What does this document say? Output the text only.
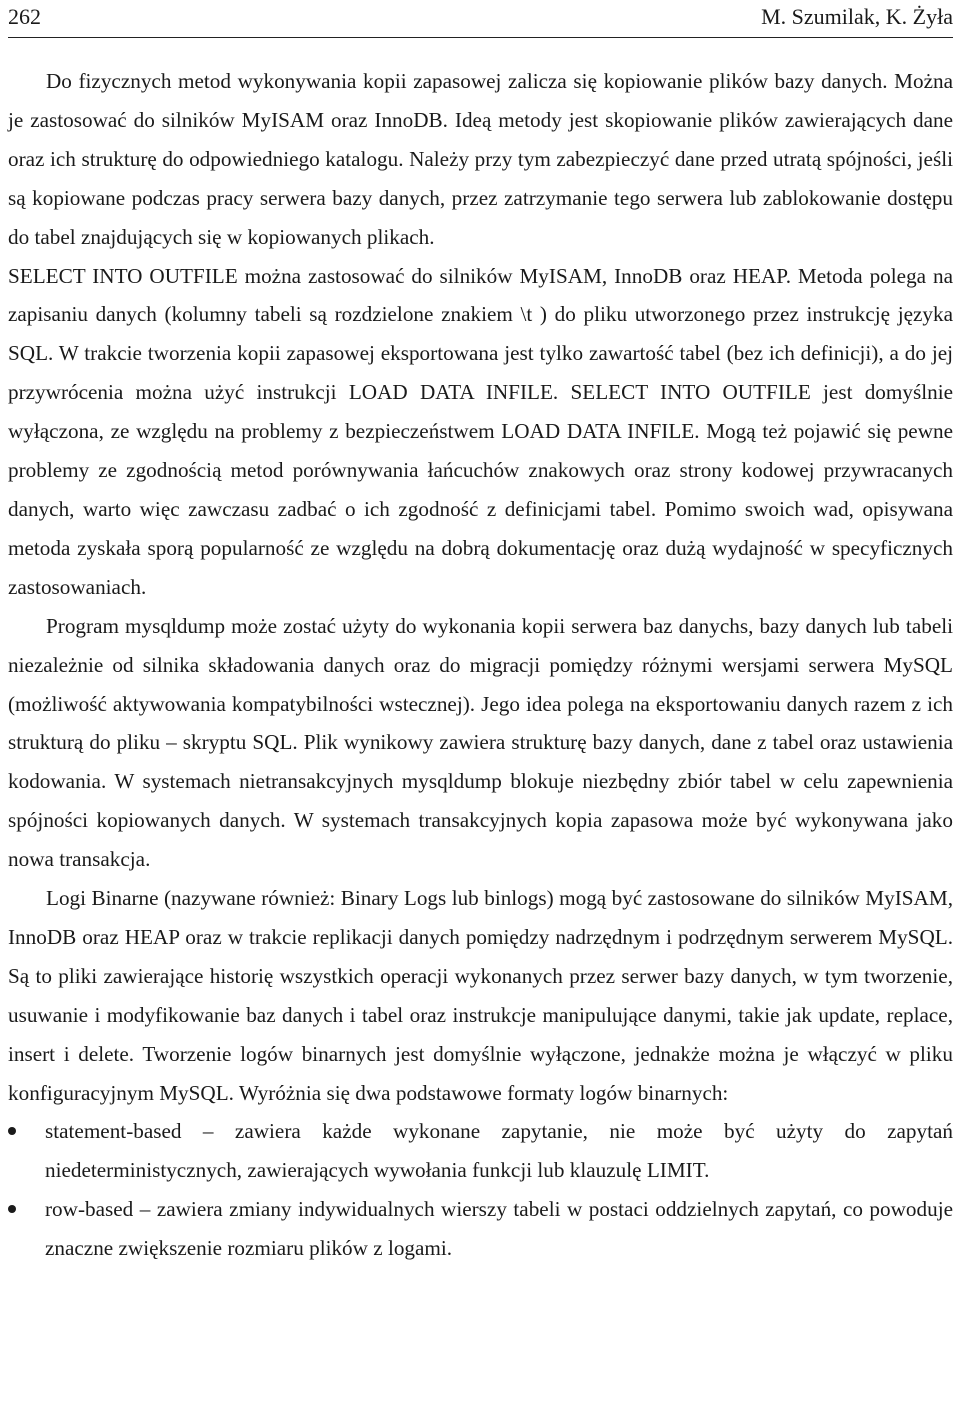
262	M. Szumilak, K. Żyła

Do fizycznych metod wykonywania kopii zapasowej zalicza się kopiowanie plików bazy danych. Można je zastosować do silników MyISAM oraz InnoDB. Ideą metody jest skopiowanie plików zawierających dane oraz ich strukturę do odpowiedniego katalogu. Należy przy tym zabezpieczyć dane przed utratą spójności, jeśli są kopiowane podczas pracy serwera bazy danych, przez zatrzymanie tego serwera lub zablokowanie dostępu do tabel znajdujących się w kopiowanych plikach.

SELECT INTO OUTFILE można zastosować do silników MyISAM, InnoDB oraz HEAP. Metoda polega na zapisaniu danych (kolumny tabeli są rozdzielone znakiem \t ) do pliku utworzonego przez instrukcję języka SQL. W trakcie tworzenia kopii zapasowej eksportowana jest tylko zawartość tabel (bez ich definicji), a do jej przywrócenia można użyć instrukcji LOAD DATA INFILE. SELECT INTO OUTFILE jest domyślnie wyłączona, ze względu na problemy z bezpieczeństwem LOAD DATA INFILE. Mogą też pojawić się pewne problemy ze zgodnością metod porównywania łańcuchów znakowych oraz strony kodowej przywracanych danych, warto więc zawczasu zadbać o ich zgodność z definicjami tabel. Pomimo swoich wad, opisywana metoda zyskała sporą popularność ze względu na dobrą dokumentację oraz dużą wydajność w specyficznych zastosowaniach.

Program mysqldump może zostać użyty do wykonania kopii serwera baz danychs, bazy danych lub tabeli niezależnie od silnika składowania danych oraz do migracji pomiędzy różnymi wersjami serwera MySQL (możliwość aktywowania kompatybilności wstecznej). Jego idea polega na eksportowaniu danych razem z ich strukturą do pliku – skryptu SQL. Plik wynikowy zawiera strukturę bazy danych, dane z tabel oraz ustawienia kodowania. W systemach nietransakcyjnych mysqldump blokuje niezbędny zbiór tabel w celu zapewnienia spójności kopiowanych danych. W systemach transakcyjnych kopia zapasowa może być wykonywana jako nowa transakcja.

Logi Binarne (nazywane również: Binary Logs lub binlogs) mogą być zastosowane do silników MyISAM, InnoDB oraz HEAP oraz w trakcie replikacji danych pomiędzy nadrzędnym i podrzędnym serwerem MySQL. Są to pliki zawierające historię wszystkich operacji wykonanych przez serwer bazy danych, w tym tworzenie, usuwanie i modyfikowanie baz danych i tabel oraz instrukcje manipulujące danymi, takie jak update, replace, insert i delete. Tworzenie logów binarnych jest domyślnie wyłączone, jednakże można je włączyć w pliku konfiguracyjnym MySQL. Wyróżnia się dwa podstawowe formaty logów binarnych:

statement-based – zawiera każde wykonane zapytanie, nie może być użyty do zapytań niedeterministycznych, zawierających wywołania funkcji lub klauzulę LIMIT.
row-based – zawiera zmiany indywidualnych wierszy tabeli w postaci oddzielnych zapytań, co powoduje znaczne zwiększenie rozmiaru plików z logami.
